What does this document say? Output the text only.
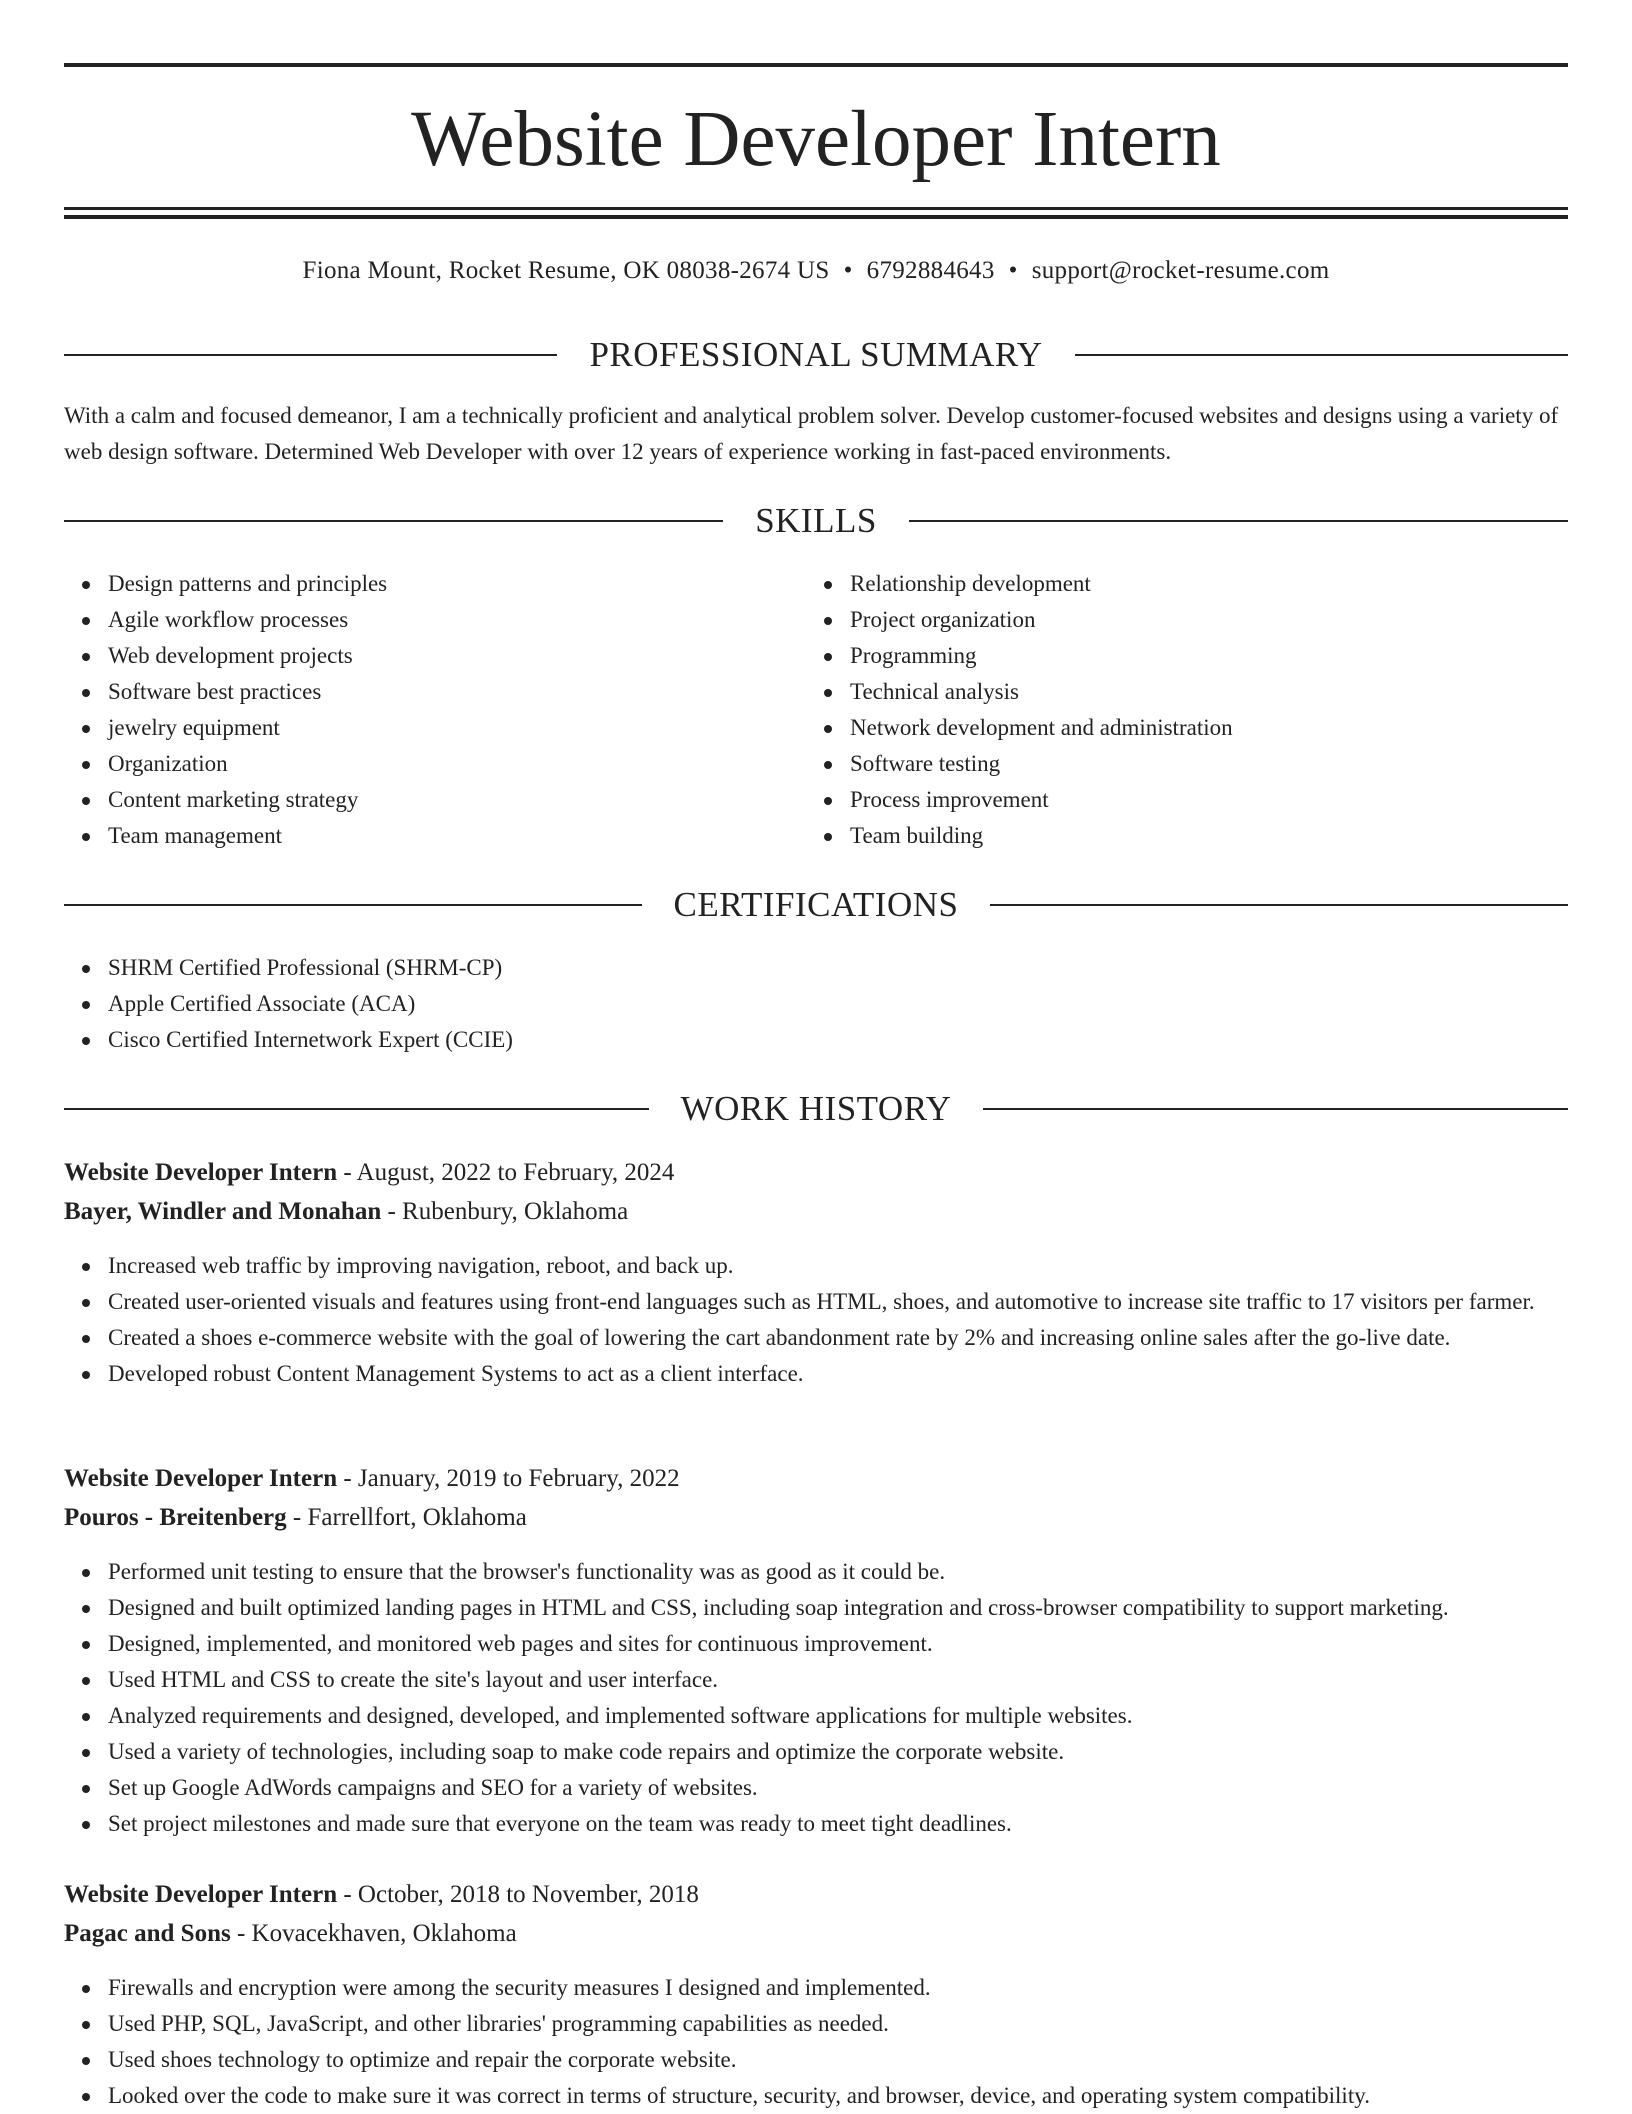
Website Developer Intern
Fiona Mount, Rocket Resume, OK 08038-2674 US • 6792884643 • support@rocket-resume.com
PROFESSIONAL SUMMARY

With a calm and focused demeanor, I am a technically proficient and analytical problem solver. Develop customer-focused websites and designs using a variety of web design software. Determined Web Developer with over 12 years of experience working in fast-paced environments.

SKILLS
Design patterns and principles
Agile workflow processes
Web development projects
Software best practices
jewelry equipment
Organization
Content marketing strategy
Team management
Relationship development
Project organization
Programming
Technical analysis
Network development and administration
Software testing
Process improvement
Team building
CERTIFICATIONS
SHRM Certified Professional (SHRM-CP)
Apple Certified Associate (ACA)
Cisco Certified Internetwork Expert (CCIE)
WORK HISTORY
Website Developer Intern - August, 2022 to February, 2024
Bayer, Windler and Monahan - Rubenbury, Oklahoma
Increased web traffic by improving navigation, reboot, and back up.
Created user-oriented visuals and features using front-end languages such as HTML, shoes, and automotive to increase site traffic to 17 visitors per farmer.
Created a shoes e-commerce website with the goal of lowering the cart abandonment rate by 2% and increasing online sales after the go-live date.
Developed robust Content Management Systems to act as a client interface.
Website Developer Intern - January, 2019 to February, 2022
Pouros - Breitenberg - Farrellfort, Oklahoma
Performed unit testing to ensure that the browser's functionality was as good as it could be.
Designed and built optimized landing pages in HTML and CSS, including soap integration and cross-browser compatibility to support marketing.
Designed, implemented, and monitored web pages and sites for continuous improvement.
Used HTML and CSS to create the site's layout and user interface.
Analyzed requirements and designed, developed, and implemented software applications for multiple websites.
Used a variety of technologies, including soap to make code repairs and optimize the corporate website.
Set up Google AdWords campaigns and SEO for a variety of websites.
Set project milestones and made sure that everyone on the team was ready to meet tight deadlines.
Website Developer Intern - October, 2018 to November, 2018
Pagac and Sons - Kovacekhaven, Oklahoma
Firewalls and encryption were among the security measures I designed and implemented.
Used PHP, SQL, JavaScript, and other libraries' programming capabilities as needed.
Used shoes technology to optimize and repair the corporate website.
Looked over the code to make sure it was correct in terms of structure, security, and browser, device, and operating system compatibility.
